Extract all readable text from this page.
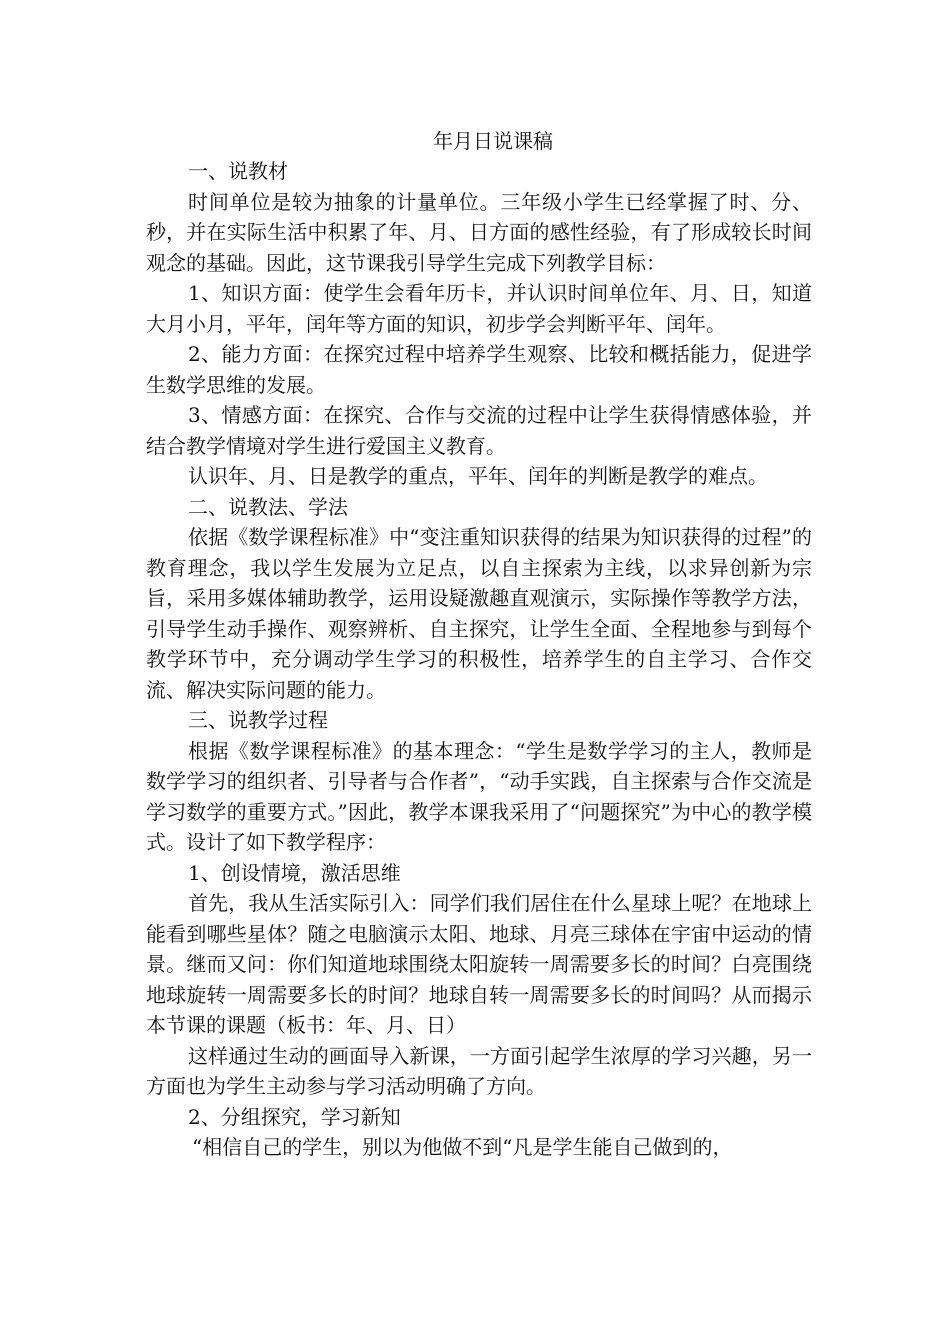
年月日说课稿

一、说教材

时间单位是较为抽象的计量单位。三年级小学生已经掌握了时、分、秒，并在实际生活中积累了年、月、日方面的感性经验，有了形成较长时间观念的基础。因此，这节课我引导学生完成下列教学目标：

1、知识方面：使学生会看年历卡，并认识时间单位年、月、日，知道大月小月，平年，闰年等方面的知识，初步学会判断平年、闰年。

2、能力方面：在探究过程中培养学生观察、比较和概括能力，促进学生数学思维的发展。

3、情感方面：在探究、合作与交流的过程中让学生获得情感体验，并结合教学情境对学生进行爱国主义教育。

认识年、月、日是教学的重点，平年、闰年的判断是教学的难点。

二、说教法、学法

依据《数学课程标准》中“变注重知识获得的结果为知识获得的过程”的教育理念，我以学生发展为立足点，以自主探索为主线，以求异创新为宗旨，采用多媒体辅助教学，运用设疑激趣直观演示，实际操作等教学方法，引导学生动手操作、观察辨析、自主探究，让学生全面、全程地参与到每个教学环节中，充分调动学生学习的积极性，培养学生的自主学习、合作交流、解决实际问题的能力。

三、说教学过程

根据《数学课程标准》的基本理念：“学生是数学学习的主人，教师是数学学习的组织者、引导者与合作者”，“动手实践，自主探索与合作交流是学习数学的重要方式。”因此，教学本课我采用了“问题探究”为中心的教学模式。设计了如下教学程序：

1、创设情境，激活思维

首先，我从生活实际引入：同学们我们居住在什么星球上呢？在地球上能看到哪些星体？随之电脑演示太阳、地球、月亮三球体在宇宙中运动的情景。继而又问：你们知道地球围绕太阳旋转一周需要多长的时间？白亮围绕地球旋转一周需要多长的时间？地球自转一周需要多长的时间吗？从而揭示本节课的课题（板书：年、月、日）

这样通过生动的画面导入新课，一方面引起学生浓厚的学习兴趣，另一方面也为学生主动参与学习活动明确了方向。

2、分组探究，学习新知

“相信自己的学生，别以为他做不到“凡是学生能自己做到的，
